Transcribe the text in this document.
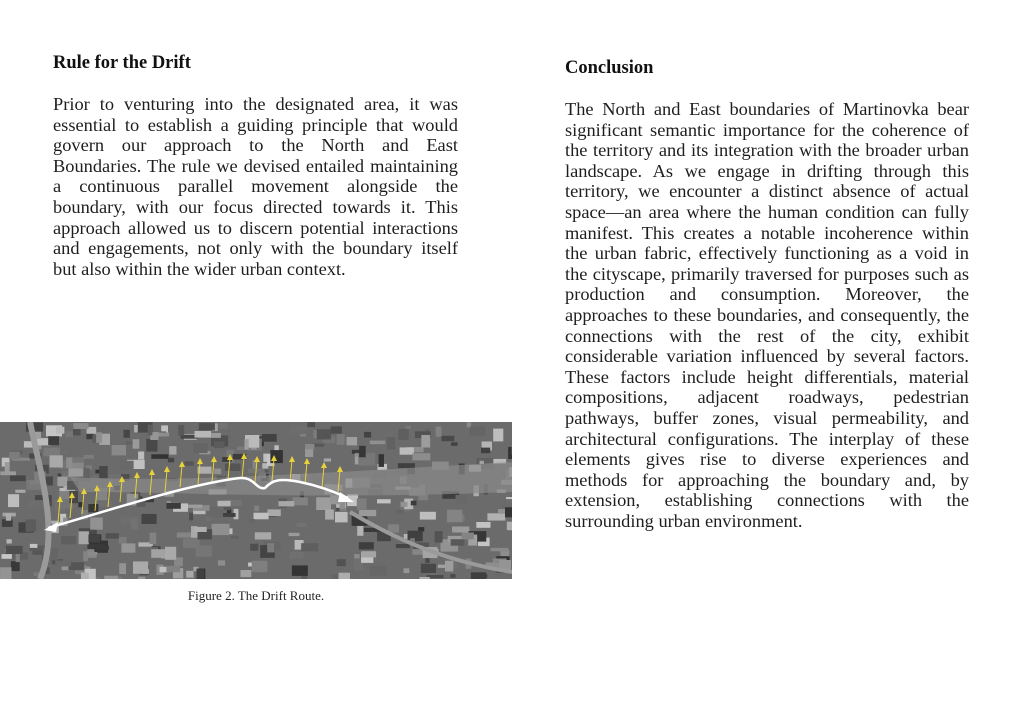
Rule for the Drift

Prior to venturing into the designated area, it was essential to establish a guiding principle that would govern our approach to the North and East Boundaries. The rule we devised entailed maintaining a continuous parallel movement alongside the boundary, with our focus directed towards it. This approach allowed us to discern potential interactions and engagements, not only with the boundary itself but also within the wider urban context.

Figure 2. The Drift Route.
Conclusion

The North and East boundaries of Martinovka bear significant semantic importance for the coherence of the territory and its integration with the broader urban landscape. As we engage in drifting through this territory, we encounter a distinct absence of actual space—an area where the human condition can fully manifest. This creates a notable incoherence within the urban fabric, effectively functioning as a void in the cityscape, primarily traversed for purposes such as production and consumption. Moreover, the approaches to these boundaries, and consequently, the connections with the rest of the city, exhibit considerable variation influenced by several factors. These factors include height differentials, material compositions, adjacent roadways, pedestrian pathways, buffer zones, visual permeability, and architectural configurations. The interplay of these elements gives rise to diverse experiences and methods for approaching the boundary and, by extension, establishing connections with the surrounding urban environment.
